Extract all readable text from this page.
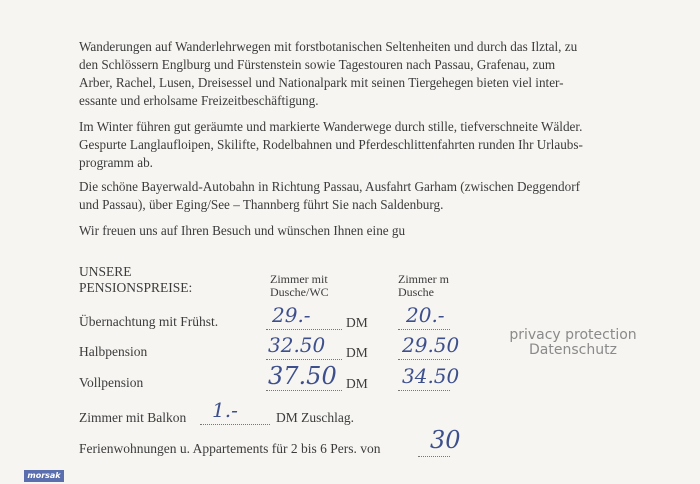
Wanderungen auf Wanderlehrwegen mit forstbotanischen Seltenheiten und durch das Ilztal, zu
den Schlössern Englburg und Fürstenstein sowie Tagestouren nach Passau, Grafenau, zum
Arber, Rachel, Lusen, Dreisessel und Nationalpark mit seinen Tiergehegen bieten viel inter-
essante und erholsame Freizeitbeschäftigung.

Im Winter führen gut geräumte und markierte Wanderwege durch stille, tiefverschneite Wälder.
Gespurte Langlaufloipen, Skilifte, Rodelbahnen und Pferdeschlittenfahrten runden Ihr Urlaubs-
programm ab.

Die schöne Bayerwald-Autobahn in Richtung Passau, Ausfahrt Garham (zwischen Deggendorf
und Passau), über Eging/See – Thannberg führt Sie nach Saldenburg.

Wir freuen uns auf Ihren Besuch und wünschen Ihnen eine gu

UNSERE
PENSIONSPREISE:
Zimmer mit
Dusche/WC
Zimmer m
Dusche
Übernachtung mit Frühst.	29.-	DM 20.-
Halbpension	32.50 DM 29.50
Vollpension	37.50 DM 34.50
Zimmer mit Balkon 1.-	DM Zuschlag.
Ferienwohnungen u. Appartements für 2 bis 6 Pers. von 30
privacy protection
Datenschutz
morsak
